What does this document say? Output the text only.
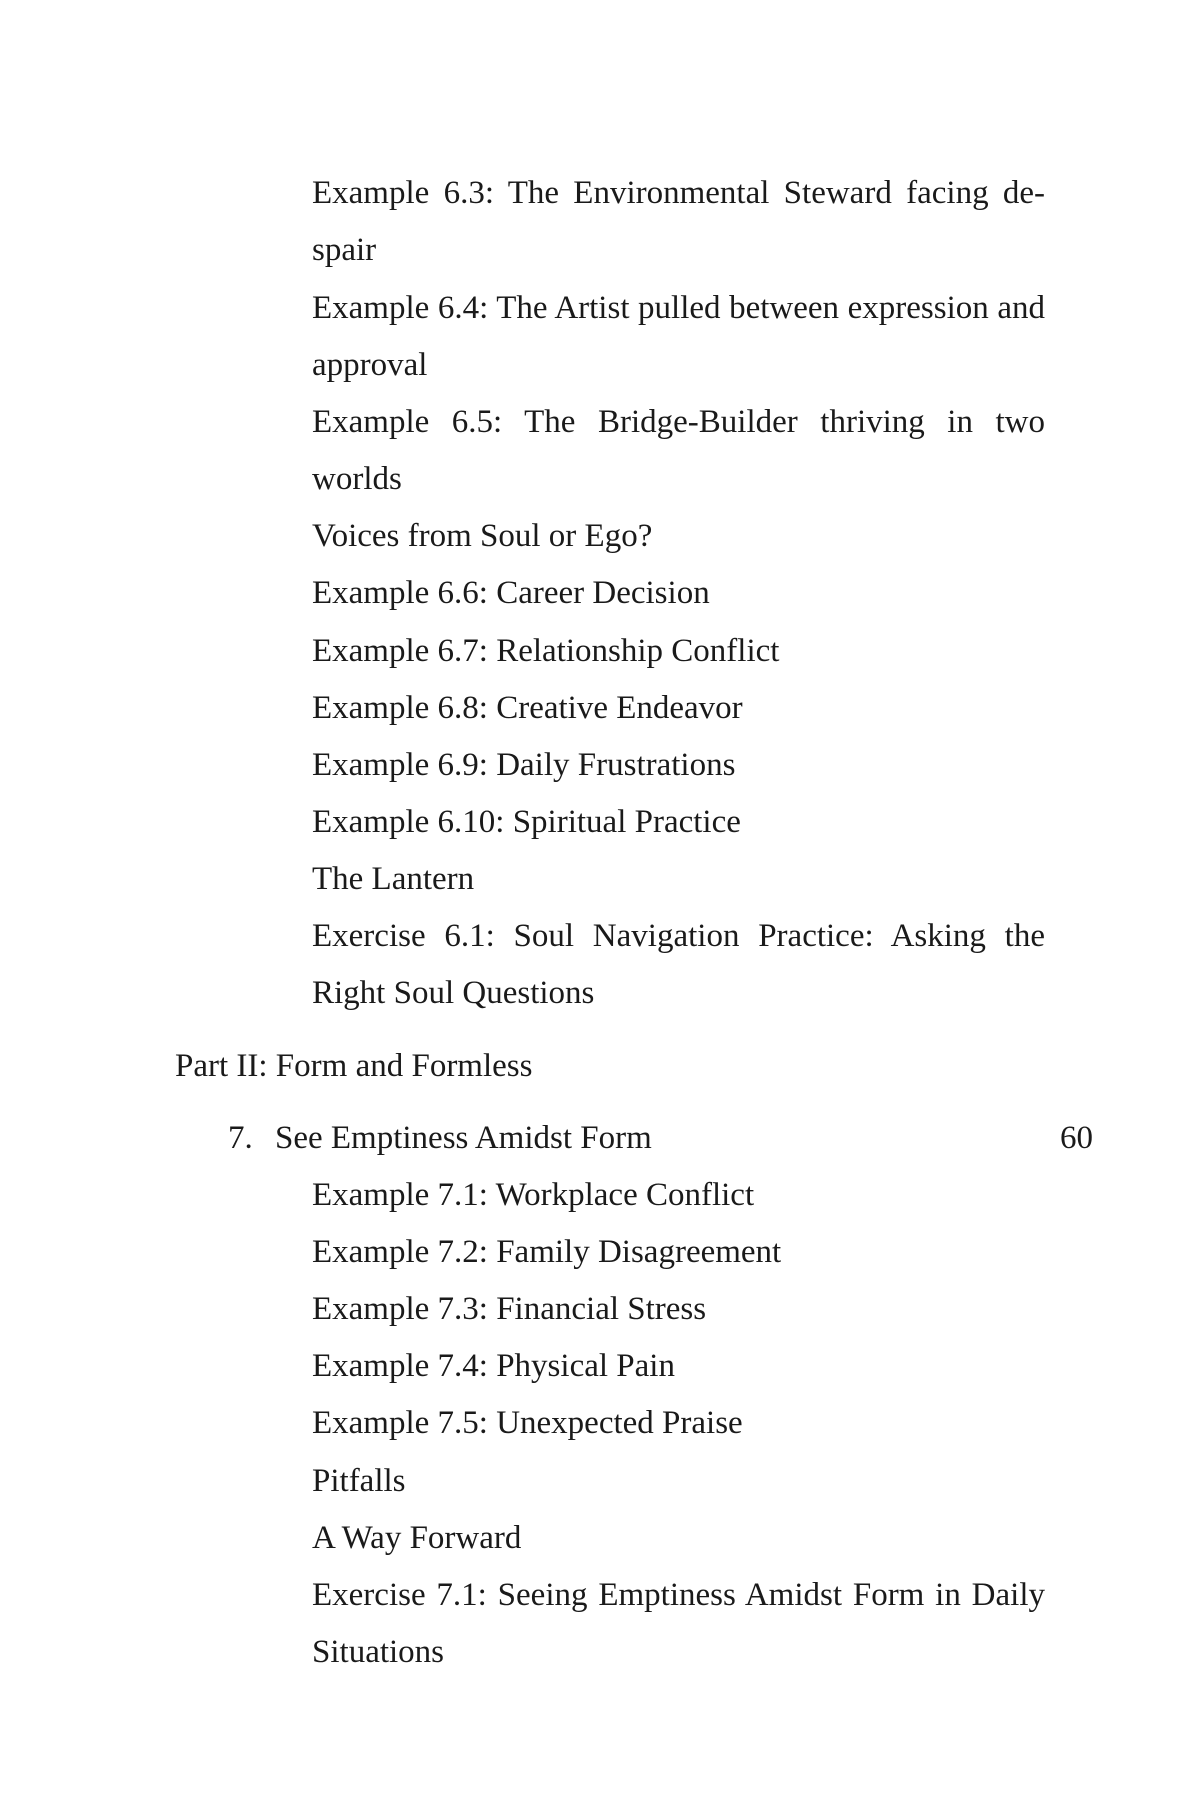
Example 6.3: The Environmental Steward facing de-
spair
Example 6.4: The Artist pulled between expression and
approval
Example 6.5: The Bridge-Builder thriving in two
worlds
Voices from Soul or Ego?
Example 6.6: Career Decision
Example 6.7: Relationship Conflict
Example 6.8: Creative Endeavor
Example 6.9: Daily Frustrations
Example 6.10: Spiritual Practice
The Lantern
Exercise 6.1: Soul Navigation Practice: Asking the
Right Soul Questions
Part II: Form and Formless
7. See Emptiness Amidst Form	60
Example 7.1: Workplace Conflict
Example 7.2: Family Disagreement
Example 7.3: Financial Stress
Example 7.4: Physical Pain
Example 7.5: Unexpected Praise
Pitfalls
A Way Forward
Exercise 7.1: Seeing Emptiness Amidst Form in Daily
Situations
